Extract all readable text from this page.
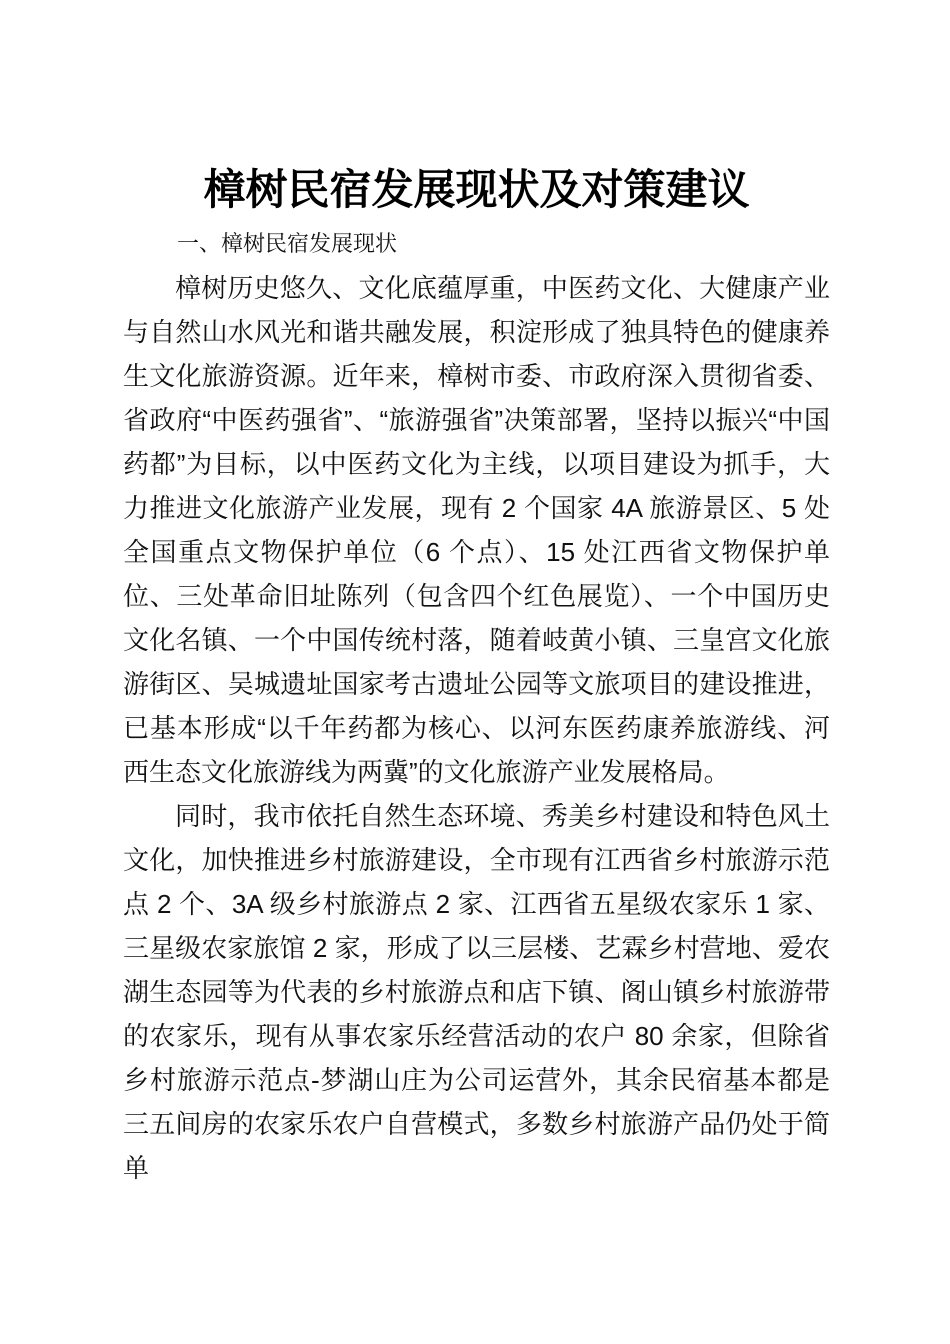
樟树民宿发展现状及对策建议
一、樟树民宿发展现状

樟树历史悠久、文化底蕴厚重，中医药文化、大健康产业与自然山水风光和谐共融发展，积淀形成了独具特色的健康养生文化旅游资源。近年来，樟树市委、市政府深入贯彻省委、省政府“中医药强省”、“旅游强省”决策部署，坚持以振兴“中国药都”为目标，以中医药文化为主线，以项目建设为抓手，大力推进文化旅游产业发展，现有 2 个国家 4A 旅游景区、5 处全国重点文物保护单位（6 个点）、15 处江西省文物保护单位、三处革命旧址陈列（包含四个红色展览）、一个中国历史文化名镇、一个中国传统村落，随着岐黄小镇、三皇宫文化旅游街区、吴城遗址国家考古遗址公园等文旅项目的建设推进，已基本形成“以千年药都为核心、以河东医药康养旅游线、河西生态文化旅游线为两冀”的文化旅游产业发展格局。

同时，我市依托自然生态环境、秀美乡村建设和特色风土文化，加快推进乡村旅游建设，全市现有江西省乡村旅游示范点 2 个、3A 级乡村旅游点 2 家、江西省五星级农家乐 1 家、三星级农家旅馆 2 家，形成了以三层楼、艺霖乡村营地、爱农湖生态园等为代表的乡村旅游点和店下镇、阁山镇乡村旅游带的农家乐，现有从事农家乐经营活动的农户 80 余家，但除省乡村旅游示范点-梦湖山庄为公司运营外，其余民宿基本都是三五间房的农家乐农户自营模式，多数乡村旅游产品仍处于简单
